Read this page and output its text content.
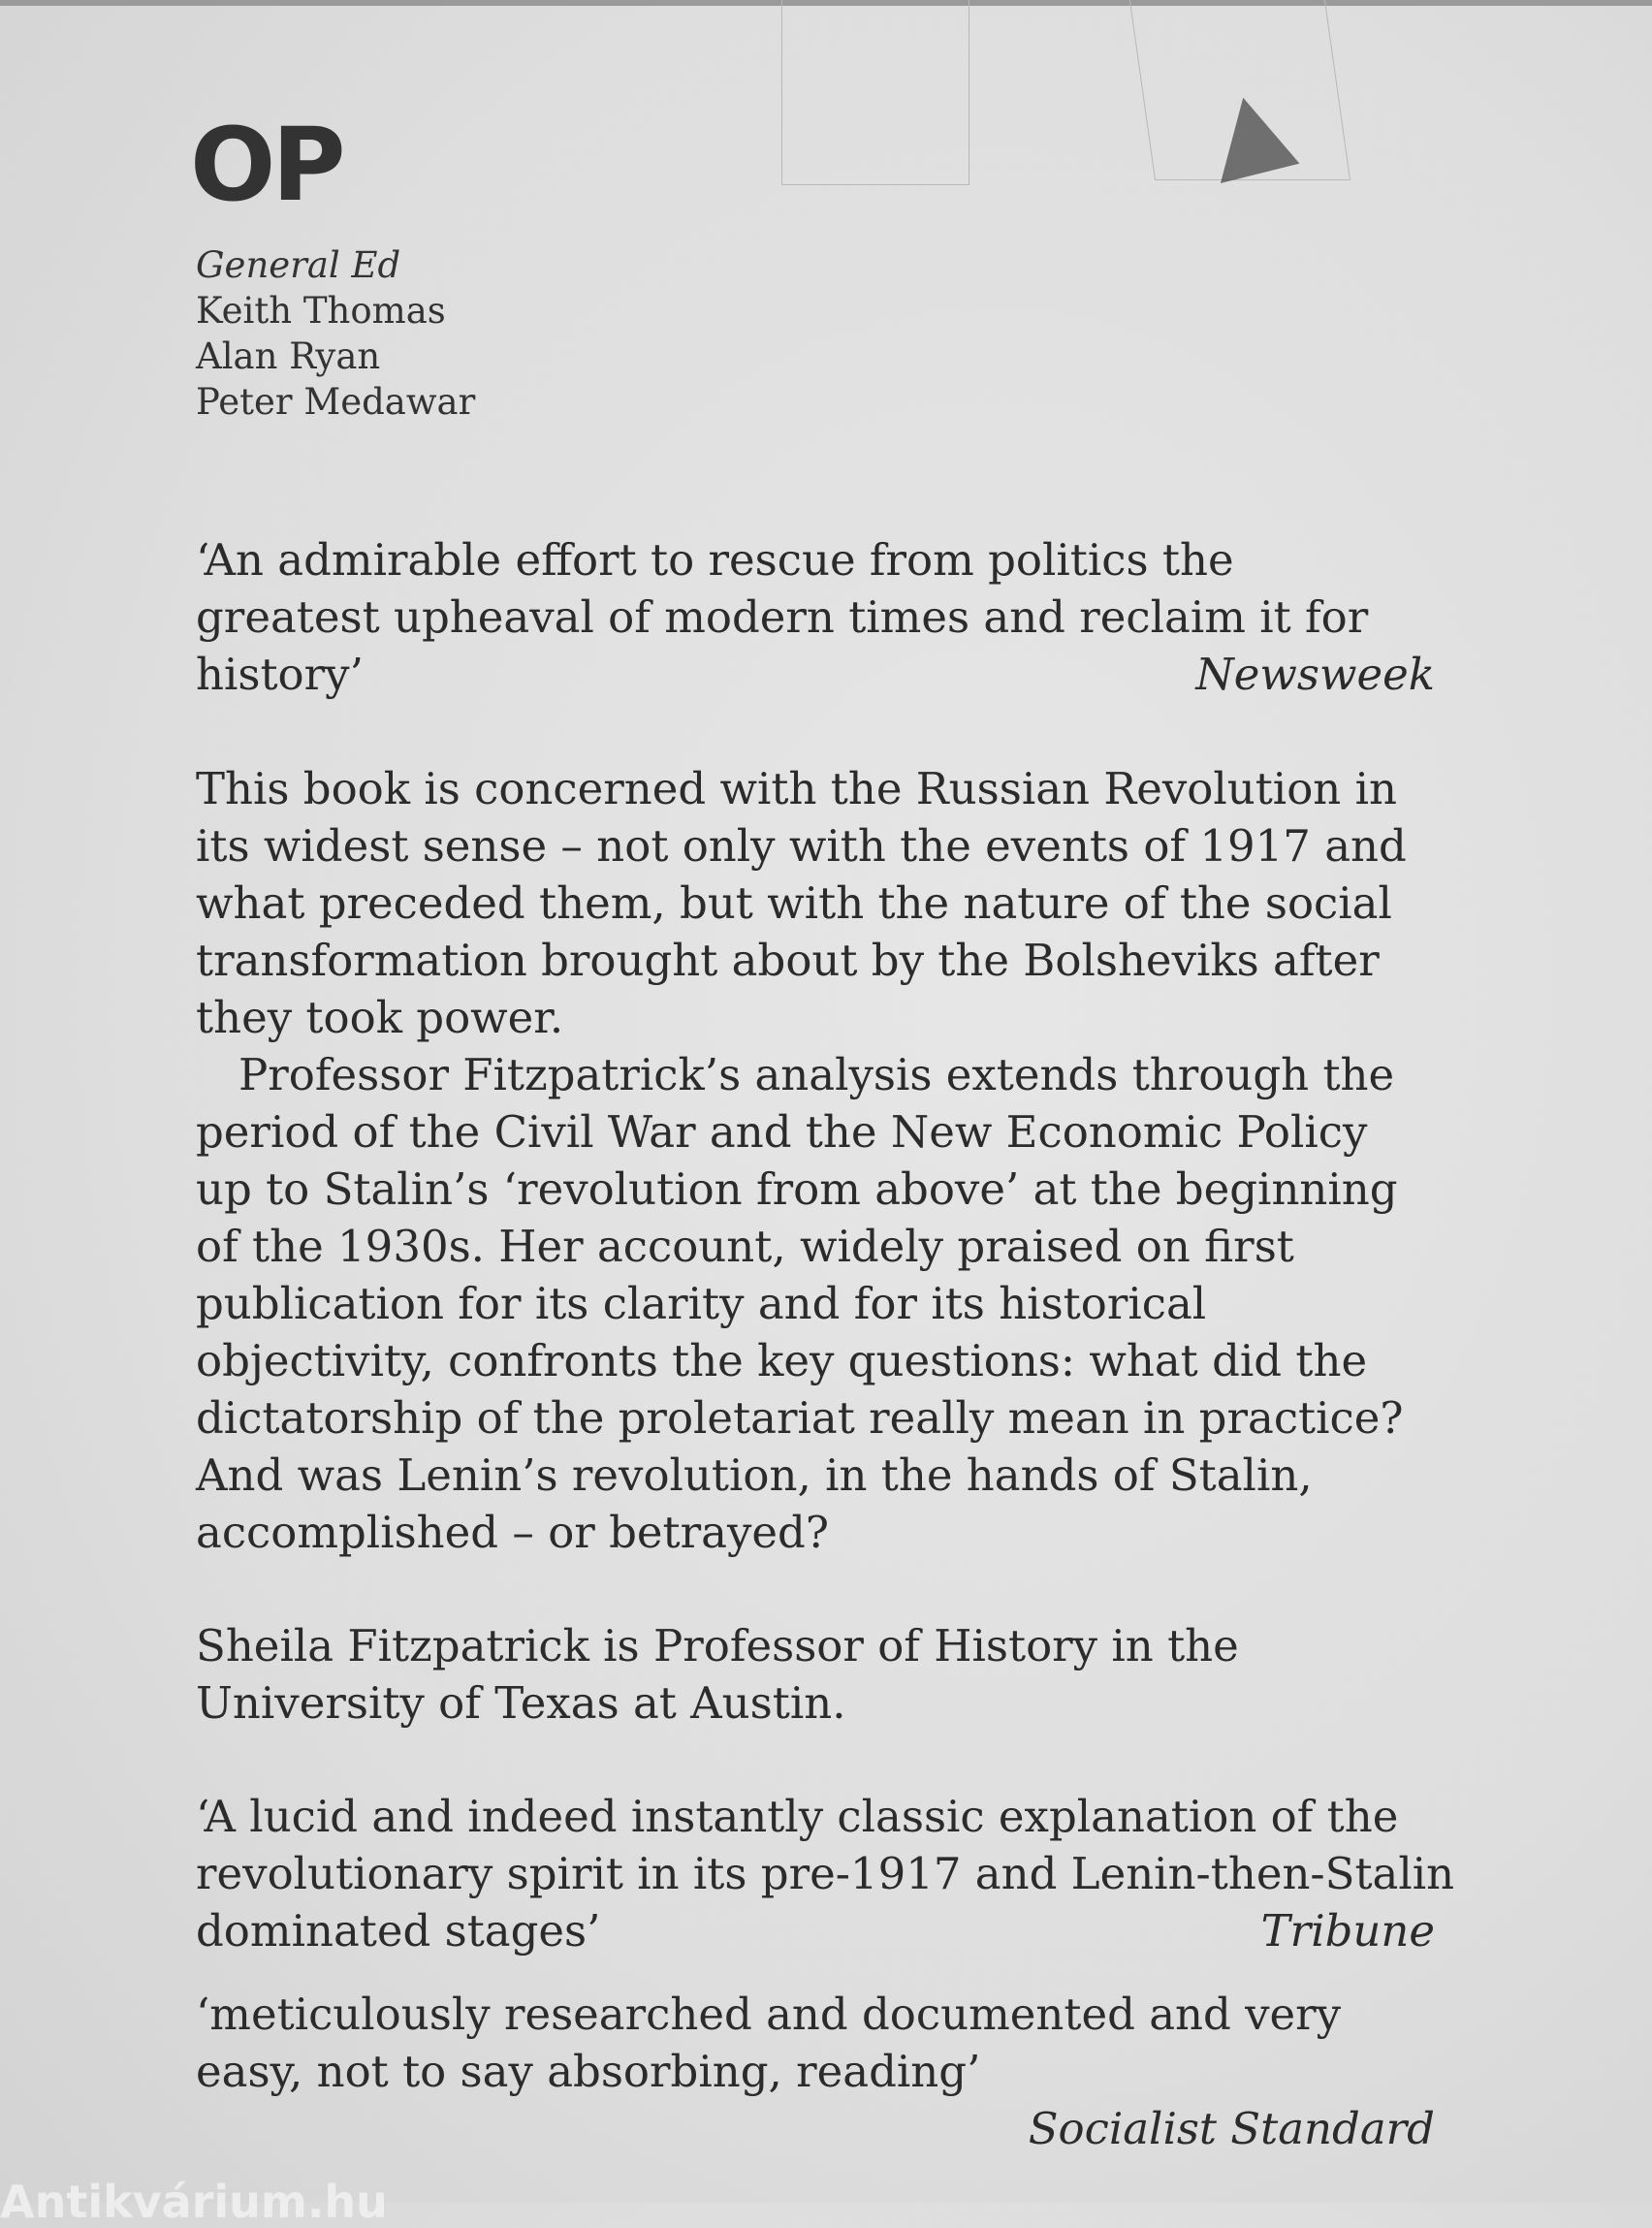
OP
General Ed
Keith Thomas
Alan Ryan
Peter Medawar
‘An admirable effort to rescue from politics the
greatest upheaval of modern times and reclaim it for
history’	Newsweek
This book is concerned with the Russian Revolution in
its widest sense – not only with the events of 1917 and
what preceded them, but with the nature of the social
transformation brought about by the Bolsheviks after
they took power.
Professor Fitzpatrick’s analysis extends through the
period of the Civil War and the New Economic Policy
up to Stalin’s ‘revolution from above’ at the beginning
of the 1930s. Her account, widely praised on first
publication for its clarity and for its historical
objectivity, confronts the key questions: what did the
dictatorship of the proletariat really mean in practice?
And was Lenin’s revolution, in the hands of Stalin,
accomplished – or betrayed?
Sheila Fitzpatrick is Professor of History in the
University of Texas at Austin.
‘A lucid and indeed instantly classic explanation of the
revolutionary spirit in its pre-1917 and Lenin-then-Stalin
dominated stages’	Tribune
‘meticulously researched and documented and very
easy, not to say absorbing, reading’
Socialist Standard
Antikvárium.hu
